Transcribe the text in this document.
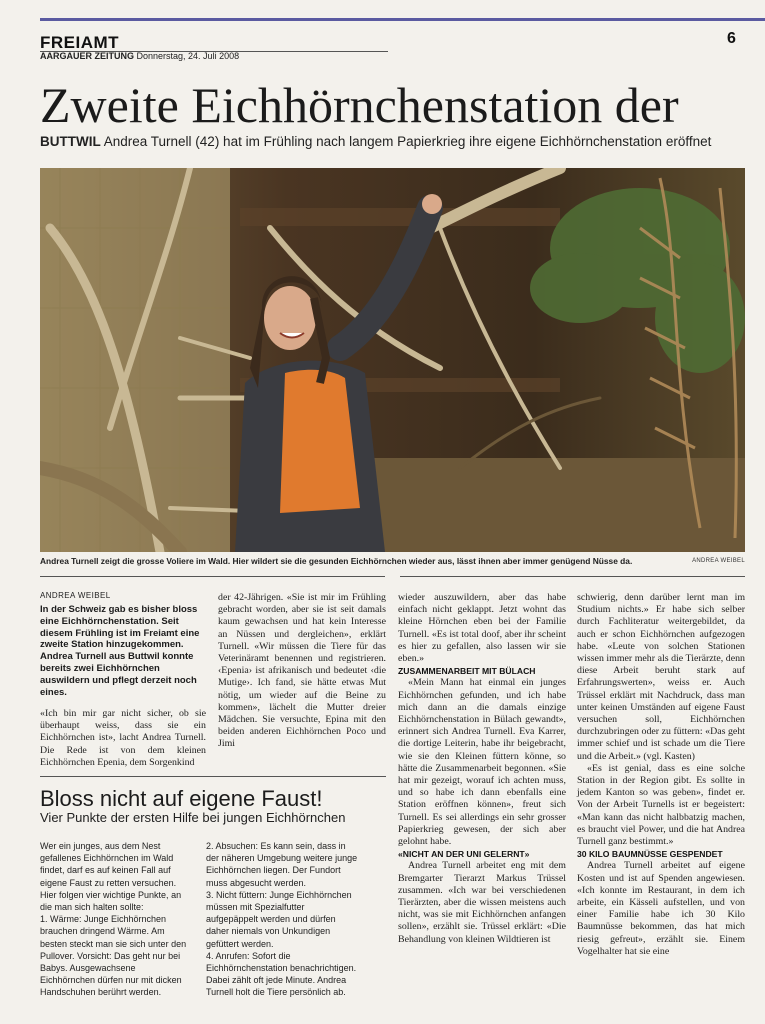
FREIAMT	6
AARGAUER ZEITUNG Donnerstag, 24. Juli 2008
Zweite Eichhörnchenstation der
BUTTWIL Andrea Turnell (42) hat im Frühling nach langem Papierkrieg ihre eigene Eichhörnchenstation eröffnet
Andrea Turnell zeigt die grosse Voliere im Wald. Hier wildert sie die gesunden Eichhörnchen wieder aus, lässt ihnen aber immer genügend Nüsse da.	ANDREA WEIBEL
ANDREA WEIBEL
In der Schweiz gab es bisher bloss eine Eichhörnchenstation. Seit diesem Frühling ist im Freiamt eine zweite Station hinzugekommen. Andrea Turnell aus Buttwil konnte bereits zwei Eichhörnchen auswildern und pflegt derzeit noch eines.

«Ich bin mir gar nicht sicher, ob sie überhaupt weiss, dass sie ein Eichhörnchen ist», lacht Andrea Turnell. Die Rede ist von dem kleinen Eichhörnchen Epenia, dem Sorgenkind

der 42-Jährigen. «Sie ist mir im Frühling gebracht worden, aber sie ist seit damals kaum gewachsen und hat kein Interesse an Nüssen und dergleichen», erklärt Turnell. «Wir müssen die Tiere für das Veterinäramt benennen und registrieren. ‹Epenia› ist afrikanisch und bedeutet ‹die Mutige›. Ich fand, sie hätte etwas Mut nötig, um wieder auf die Beine zu kommen», lächelt die Mutter dreier Mädchen. Sie versuchte, Epina mit den beiden anderen Eichhörnchen Poco und Jimi

Bloss nicht auf eigene Faust!
Vier Punkte der ersten Hilfe bei jungen Eichhörnchen

Wer ein junges, aus dem Nest gefallenes Eichhörnchen im Wald findet, darf es auf keinen Fall auf eigene Faust zu retten versuchen. Hier folgen vier wichtige Punkte, an die man sich halten sollte:

1. Wärme: Junge Eichhörnchen brauchen dringend Wärme. Am besten steckt man sie sich unter den Pullover. Vorsicht: Das geht nur bei Babys. Ausgewachsene Eichhörnchen dürfen nur mit dicken Handschuhen berührt werden.

2. Absuchen: Es kann sein, dass in der näheren Umgebung weitere junge Eichhörnchen liegen. Der Fundort muss abgesucht werden.

3. Nicht füttern: Junge Eichhörnchen müssen mit Spezialfutter aufgepäppelt werden und dürfen daher niemals von Unkundigen gefüttert werden.

4. Anrufen: Sofort die Eichhörnchenstation benachrichtigen. Dabei zählt oft jede Minute. Andrea Turnell holt die Tiere persönlich ab.

wieder auszuwildern, aber das habe einfach nicht geklappt. Jetzt wohnt das kleine Hörnchen eben bei der Familie Turnell. «Es ist total doof, aber ihr scheint es hier zu gefallen, also lassen wir sie eben.»

ZUSAMMENARBEIT MIT BÜLACH

«Mein Mann hat einmal ein junges Eichhörnchen gefunden, und ich habe mich dann an die damals einzige Eichhörnchenstation in Bülach gewandt», erinnert sich Andrea Turnell. Eva Karrer, die dortige Leiterin, habe ihr beigebracht, wie sie den Kleinen füttern könne, so hätte die Zusammenarbeit begonnen. «Sie hat mir gezeigt, worauf ich achten muss, und so habe ich dann ebenfalls eine Station eröffnen können», freut sich Turnell. Es sei allerdings ein sehr grosser Papierkrieg gewesen, der sich aber gelohnt habe.

«NICHT AN DER UNI GELERNT»

Andrea Turnell arbeitet eng mit dem Bremgarter Tierarzt Markus Trüssel zusammen. «Ich war bei verschiedenen Tierärzten, aber die wissen meistens auch nicht, was sie mit Eichhörnchen anfangen sollen», erzählt sie. Trüssel erklärt: «Die Behandlung von kleinen Wildtieren ist

schwierig, denn darüber lernt man im Studium nichts.» Er habe sich selber durch Fachliteratur weitergebildet, da auch er schon Eichhörnchen aufgezogen habe. «Leute von solchen Stationen wissen immer mehr als die Tierärzte, denn diese Arbeit beruht stark auf Erfahrungswerten», weiss er. Auch Trüssel erklärt mit Nachdruck, dass man unter keinen Umständen auf eigene Faust versuchen soll, Eichhörnchen durchzubringen oder zu füttern: «Das geht immer schief und ist schade um die Tiere und die Arbeit.» (vgl. Kasten)

«Es ist genial, dass es eine solche Station in der Region gibt. Es sollte in jedem Kanton so was geben», findet er. Von der Arbeit Turnells ist er begeistert: «Man kann das nicht halbbatzig machen, es braucht viel Power, und die hat Andrea Turnell ganz bestimmt.»

30 KILO BAUMNÜSSE GESPENDET

Andrea Turnell arbeitet auf eigene Kosten und ist auf Spenden angewiesen. «Ich konnte im Restaurant, in dem ich arbeite, ein Kässeli aufstellen, und von einer Familie habe ich 30 Kilo Baumnüsse bekommen, das hat mich riesig gefreut», erzählt sie. Einem Vogelhalter hat sie eine
